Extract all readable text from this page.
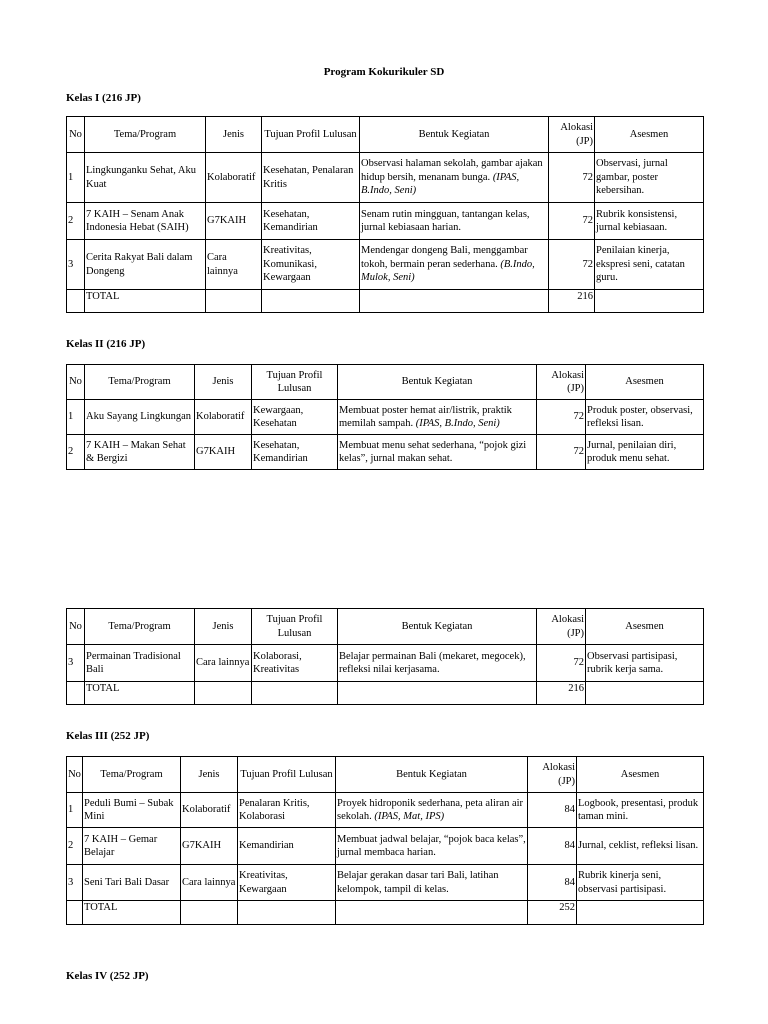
Program Kokurikuler SD
Kelas I (216 JP)
No	Tema/Program	Jenis	Tujuan Profil Lulusan	Bentuk Kegiatan	Alokasi (JP)	Asesmen
1	Lingkunganku Sehat, Aku Kuat	Kolaboratif	Kesehatan, Penalaran Kritis	Observasi halaman sekolah, gambar ajakan hidup bersih, menanam bunga. (IPAS, B.Indo, Seni)	72	Observasi, jurnal gambar, poster kebersihan.
2	7 KAIH – Senam Anak Indonesia Hebat (SAIH)	G7KAIH	Kesehatan, Kemandirian	Senam rutin mingguan, tantangan kelas, jurnal kebiasaan harian.	72	Rubrik konsistensi, jurnal kebiasaan.
3	Cerita Rakyat Bali dalam Dongeng	Cara lainnya	Kreativitas, Komunikasi, Kewargaan	Mendengar dongeng Bali, menggambar tokoh, bermain peran sederhana. (B.Indo, Mulok, Seni)	72	Penilaian kinerja, ekspresi seni, catatan guru.
	TOTAL				216	
Kelas II (216 JP)
No	Tema/Program	Jenis	Tujuan Profil Lulusan	Bentuk Kegiatan	Alokasi (JP)	Asesmen
1	Aku Sayang Lingkungan	Kolaboratif	Kewargaan, Kesehatan	Membuat poster hemat air/listrik, praktik memilah sampah. (IPAS, B.Indo, Seni)	72	Produk poster, observasi, refleksi lisan.
2	7 KAIH – Makan Sehat & Bergizi	G7KAIH	Kesehatan, Kemandirian	Membuat menu sehat sederhana, “pojok gizi kelas”, jurnal makan sehat.	72	Jurnal, penilaian diri, produk menu sehat.
No	Tema/Program	Jenis	Tujuan Profil Lulusan	Bentuk Kegiatan	Alokasi (JP)	Asesmen
3	Permainan Tradisional Bali	Cara lainnya	Kolaborasi, Kreativitas	Belajar permainan Bali (mekaret, megocek), refleksi nilai kerjasama.	72	Observasi partisipasi, rubrik kerja sama.
	TOTAL				216	
Kelas III (252 JP)
No	Tema/Program	Jenis	Tujuan Profil Lulusan	Bentuk Kegiatan	Alokasi (JP)	Asesmen
1	Peduli Bumi – Subak Mini	Kolaboratif	Penalaran Kritis, Kolaborasi	Proyek hidroponik sederhana, peta aliran air sekolah. (IPAS, Mat, IPS)	84	Logbook, presentasi, produk taman mini.
2	7 KAIH – Gemar Belajar	G7KAIH	Kemandirian	Membuat jadwal belajar, “pojok baca kelas”, jurnal membaca harian.	84	Jurnal, ceklist, refleksi lisan.
3	Seni Tari Bali Dasar	Cara lainnya	Kreativitas, Kewargaan	Belajar gerakan dasar tari Bali, latihan kelompok, tampil di kelas.	84	Rubrik kinerja seni, observasi partisipasi.
	TOTAL				252	
Kelas IV (252 JP)
